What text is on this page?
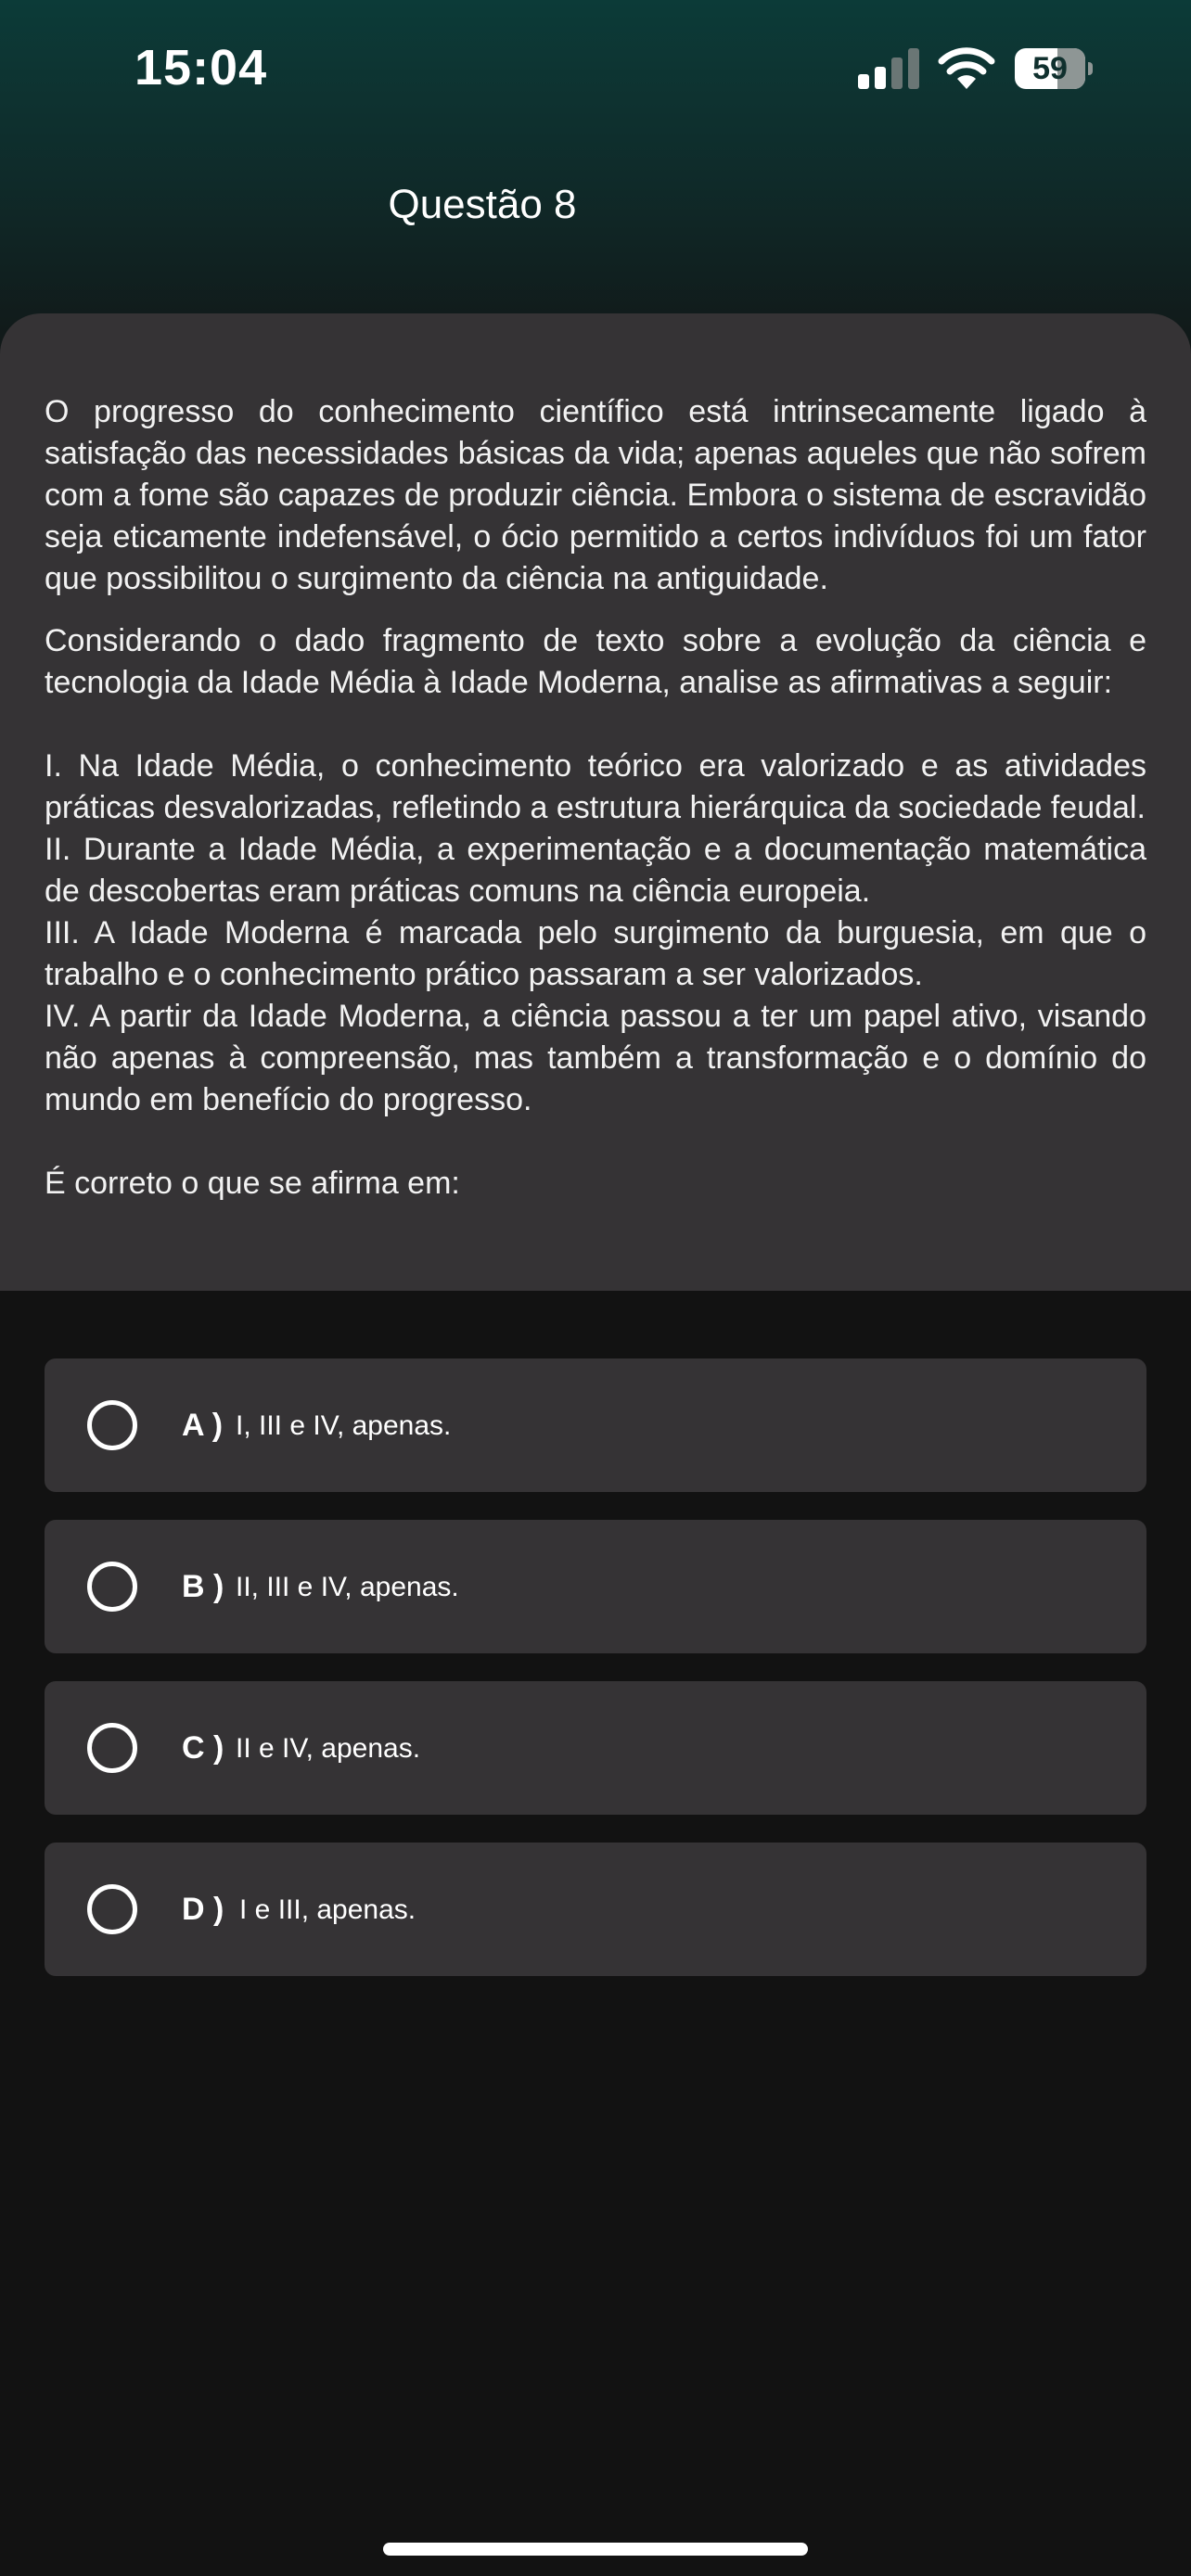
15:04	59
Questão 8

O progresso do conhecimento científico está intrinsecamente ligado à satisfação das necessidades básicas da vida; apenas aqueles que não sofrem com a fome são capazes de produzir ciência. Embora o sistema de escravidão seja eticamente indefensável, o ócio permitido a certos indivíduos foi um fator que possibilitou o surgimento da ciência na antiguidade.

Considerando o dado fragmento de texto sobre a evolução da ciência e tecnologia da Idade Média à Idade Moderna, analise as afirmativas a seguir:

I. Na Idade Média, o conhecimento teórico era valorizado e as atividades práticas desvalorizadas, refletindo a estrutura hierárquica da sociedade feudal.

II. Durante a Idade Média, a experimentação e a documentação matemática de descobertas eram práticas comuns na ciência europeia.

III. A Idade Moderna é marcada pelo surgimento da burguesia, em que o trabalho e o conhecimento prático passaram a ser valorizados.

IV. A partir da Idade Moderna, a ciência passou a ter um papel ativo, visando não apenas à compreensão, mas também a transformação e o domínio do mundo em benefício do progresso.

É correto o que se afirma em:

A ) I, III e IV, apenas.
B ) II, III e IV, apenas.
C ) II e IV, apenas.
D ) I e III, apenas.
